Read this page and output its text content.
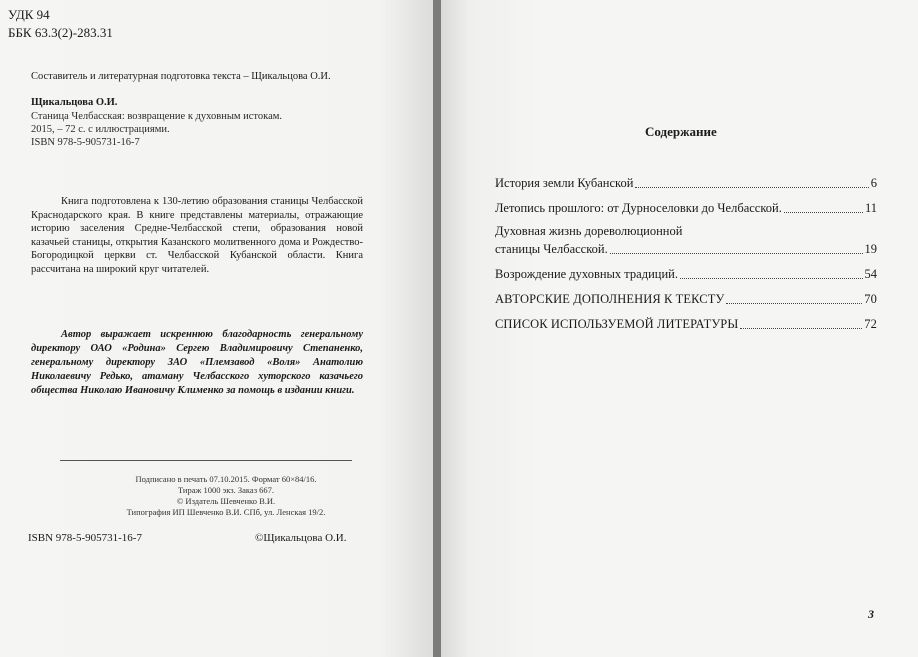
УДК 94
ББК 63.3(2)-283.31
Составитель и литературная подготовка текста – Щикальцова О.И.
Щикальцова О.И.
Станица Челбасская: возвращение к духовным истокам.
2015, – 72 с. с иллюстрациями.
ISBN 978-5-905731-16-7
Книга подготовлена к 130-летию образования станицы Челбасской Краснодарского края. В книге представлены материалы, отражающие историю заселения Средне-Челбасской степи, образования новой казачьей станицы, открытия Казанского молитвенного дома и Рождество-Богородицкой церкви ст. Челбасской Кубанской области. Книга рассчитана на широкий круг читателей.
Автор выражает искреннюю благодарность генеральному директору ОАО «Родина» Сергею Владимировичу Степаненко, генеральному директору ЗАО «Племзавод «Воля» Анатолию Николаевичу Редько, атаману Челбасского хуторского казачьего общества Николаю Ивановичу Клименко за помощь в издании книги.
Подписано в печать 07.10.2015. Формат 60×84/16.
Тираж 1000 экз. Заказ 667.
© Издатель Шевченко В.И.
Типография ИП Шевченко В.И. СПб, ул. Ленская 19/2.
ISBN 978-5-905731-16-7	©Щикальцова О.И.

Содержание
История земли Кубанской	6
Летопись прошлого: от Дурноселовки до Челбасской.	11
Духовная жизнь дореволюционной
станицы Челбасской.	19
Возрождение духовных традиций.	54
АВТОРСКИЕ ДОПОЛНЕНИЯ К ТЕКСТУ	70
СПИСОК ИСПОЛЬЗУЕМОЙ ЛИТЕРАТУРЫ	72
3
